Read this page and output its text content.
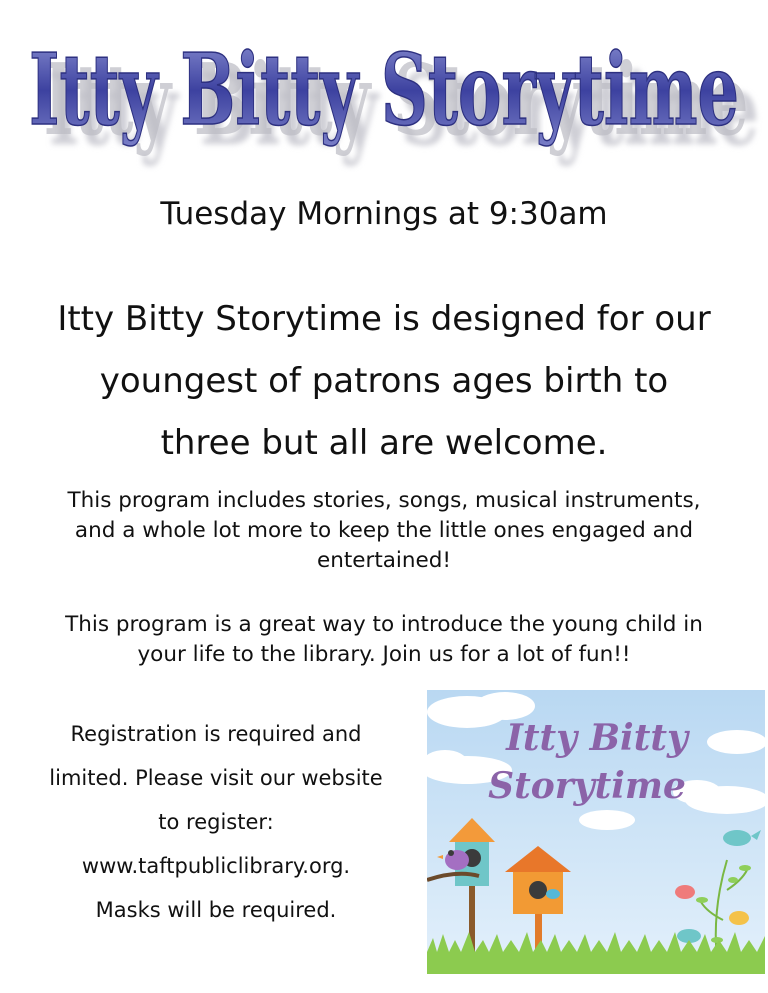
Itty Bitty Storytime
Itty Bitty Storytime
Itty Bitty Storytime
Tuesday Mornings at 9:30am
Itty Bitty Storytime is designed for our
youngest of patrons ages birth to
three but all are welcome.
This program includes stories, songs, musical instruments,
and a whole lot more to keep the little ones engaged and
entertained!
This program is a great way to introduce the young child in
your life to the library. Join us for a lot of fun!!
Registration is required and
limited. Please visit our website
to register:
www.taftpubliclibrary.org.
Masks will be required.
Itty Bitty
Storytime
